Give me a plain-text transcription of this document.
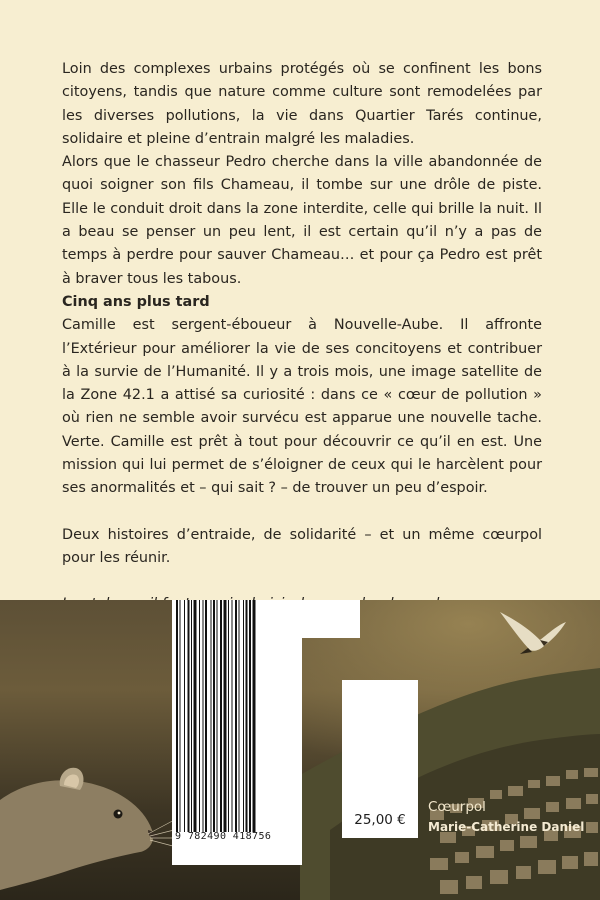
Loin des complexes urbains protégés où se confinent les bons citoyens, tandis que nature comme culture sont remodelées par les diverses pollutions, la vie dans Quartier Tarés continue, solidaire et pleine d’entrain malgré les maladies.

Alors que le chasseur Pedro cherche dans la ville abandonnée de quoi soigner son fils Chameau, il tombe sur une drôle de piste. Elle le conduit droit dans la zone interdite, celle qui brille la nuit. Il a beau se penser un peu lent, il est certain qu’il n’y a pas de temps à perdre pour sauver Chameau… et pour ça Pedro est prêt à braver tous les tabous.

Cinq ans plus tard

Camille est sergent-éboueur à Nouvelle-Aube. Il affronte l’Extérieur pour améliorer la vie de ses concitoyens et contribuer à la survie de l’Humanité. Il y a trois mois, une image satellite de la Zone 42.1 a attisé sa curiosité : dans ce « cœur de pollution » où rien ne semble avoir survécu est apparue une nouvelle tache. Verte. Camille est prêt à tout pour découvrir ce qu’il en est. Une mission qui lui permet de s’éloigner de ceux qui le harcèlent pour ses anormalités et – qui sait ? – de trouver un peu d’espoir.

Deux histoires d’entraide, de solidarité – et un même cœurpol pour les réunir.

9 782490 418756
25,00 €
Cœurpol
Marie-Catherine Daniel
